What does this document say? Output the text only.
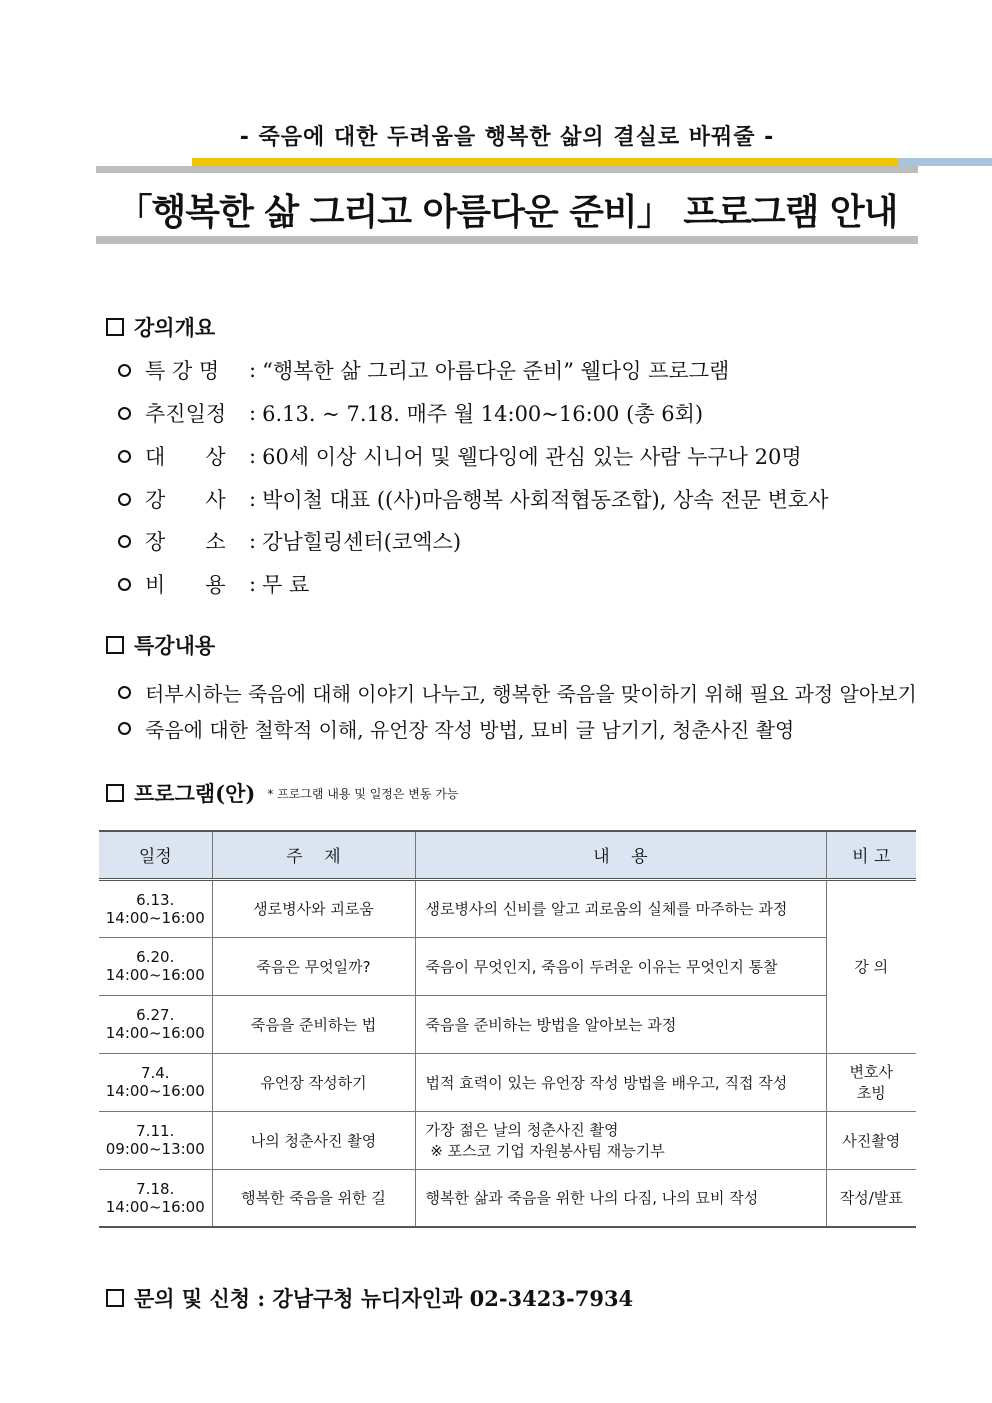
- 죽음에 대한 두려움을 행복한 삶의 결실로 바꿔줄 -
「행복한 삶 그리고 아름다운 준비」 프로그램 안내
강의개요
특 강 명	: “행복한 삶 그리고 아름다운 준비” 웰다잉 프로그램
추진일정	: 6.13. ~ 7.18. 매주 월 14:00~16:00 (총 6회)
대      상	: 60세 이상 시니어 및 웰다잉에 관심 있는 사람 누구나 20명
강      사	: 박이철 대표 ((사)마음행복 사회적협동조합), 상속 전문 변호사
장      소	: 강남힐링센터(코엑스)
비      용	: 무 료
특강내용
터부시하는 죽음에 대해 이야기 나누고, 행복한 죽음을 맞이하기 위해 필요 과정 알아보기
죽음에 대한 철학적 이해, 유언장 작성 방법, 묘비 글 남기기, 청춘사진 촬영
프로그램(안) * 프로그램 내용 및 일정은 변동 가능
일정	주    제	내    용	비 고

6.13.
14:00~16:00	생로병사와 괴로움	생로병사의 신비를 알고 괴로움의 실체를 마주하는 과정	강 의

6.20.
14:00~16:00	죽음은 무엇일까?	죽음이 무엇인지, 죽음이 두려운 이유는 무엇인지 통찰	

6.27.
14:00~16:00	죽음을 준비하는 법	죽음을 준비하는 방법을 알아보는 과정	

7.4.
14:00~16:00	유언장 작성하기	법적 효력이 있는 유언장 작성 방법을 배우고, 직접 작성	변호사
초빙

7.11.
09:00~13:00	나의 청춘사진 촬영	가장 젊은 날의 청춘사진 촬영
※ 포스코 기업 자원봉사팀 재능기부	사진촬영

7.18.
14:00~16:00	행복한 죽음을 위한 길	행복한 삶과 죽음을 위한 나의 다짐, 나의 묘비 작성	작성/발표
문의 및 신청 : 강남구청 뉴디자인과 02-3423-7934
